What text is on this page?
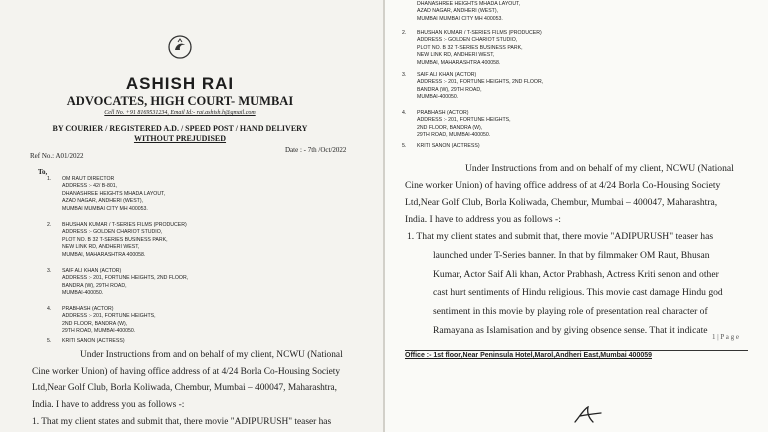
ASHISH RAI
ADVOCATES, HIGH COURT- MUMBAI
Cell No. +91 8169531234, Email Id:- rai.ashish.h@gmail.com
BY COURIER / REGISTERED A.D. / SPEED POST / HAND DELIVERY
WITHOUT PREJUDISED
Ref No.: A01/2022
Date : - 7th /Oct/2022
To,
1. OM RAUT DIRECTOR
ADDRESS :- 42/ B-801,
DHANASHREE HEIGHTS MHADA LAYOUT,
AZAD NAGAR, ANDHERI (WEST),
MUMBAI MUMBAI CITY MH 400053.
2. BHUSHAN KUMAR / T-SERIES FILMS (PRODUCER)
ADDRESS :- GOLDEN CHARIOT STUDIO,
PLOT NO. B 32 T-SERIES BUSINESS PARK,
NEW LINK RD, ANDHERI WEST,
MUMBAI, MAHARASHTRA 400058.
3. SAIF ALI KHAN (ACTOR)
ADDRESS :- 201, FORTUNE HEIGHTS, 2ND FLOOR,
BANDRA (W), 29TH ROAD,
MUMBAI-400050.
4. PRABHASH (ACTOR)
ADDRESS :- 201, FORTUNE HEIGHTS,
2ND FLOOR, BANDRA (W),
29TH ROAD, MUMBAI-400050.
5. KRITI SANON (ACTRESS)
Under Instructions from and on behalf of my client, NCWU (National
Cine worker Union) of having office address of at 4/24 Borla Co-Housing Society
Ltd,Near Golf Club, Borla Koliwada, Chembur, Mumbai – 400047, Maharashtra,
India. I have to address you as follows -:
1. That my client states and submit that, there movie "ADIPURUSH" teaser has
DHANASHREE HEIGHTS MHADA LAYOUT,
AZAD NAGAR, ANDHERI (WEST),
MUMBAI MUMBAI CITY MH 400053.
2. BHUSHAN KUMAR / T-SERIES FILMS (PRODUCER)
ADDRESS :- GOLDEN CHARIOT STUDIO,
PLOT NO. B 32 T-SERIES BUSINESS PARK,
NEW LINK RD, ANDHERI WEST,
MUMBAI, MAHARASHTRA 400058.
3. SAIF ALI KHAN (ACTOR)
ADDRESS :- 201, FORTUNE HEIGHTS, 2ND FLOOR,
BANDRA (W), 29TH ROAD,
MUMBAI-400050.
4. PRABHASH (ACTOR)
ADDRESS :- 201, FORTUNE HEIGHTS,
2ND FLOOR, BANDRA (W),
29TH ROAD, MUMBAI-400050.
5. KRITI SANON (ACTRESS)
Under Instructions from and on behalf of my client, NCWU (National
Cine worker Union) of having office address of at 4/24 Borla Co-Housing Society
Ltd,Near Golf Club, Borla Koliwada, Chembur, Mumbai – 400047, Maharashtra,
India. I have to address you as follows -:
1. That my client states and submit that, there movie "ADIPURUSH" teaser has
launched under T-Series banner. In that by filmmaker OM Raut, Bhusan
Kumar, Actor Saif Ali khan, Actor Prabhash, Actress Kriti senon and other
cast hurt sentiments of Hindu religious. This movie cast damage Hindu god
sentiment in this movie by playing role of presentation real character of
Ramayana as Islamisation and by giving obsence sense. That it indicate
1 | P a g e
Office :- 1st floor,Near Peninsula Hotel,Marol,Andheri East,Mumbai 400059
